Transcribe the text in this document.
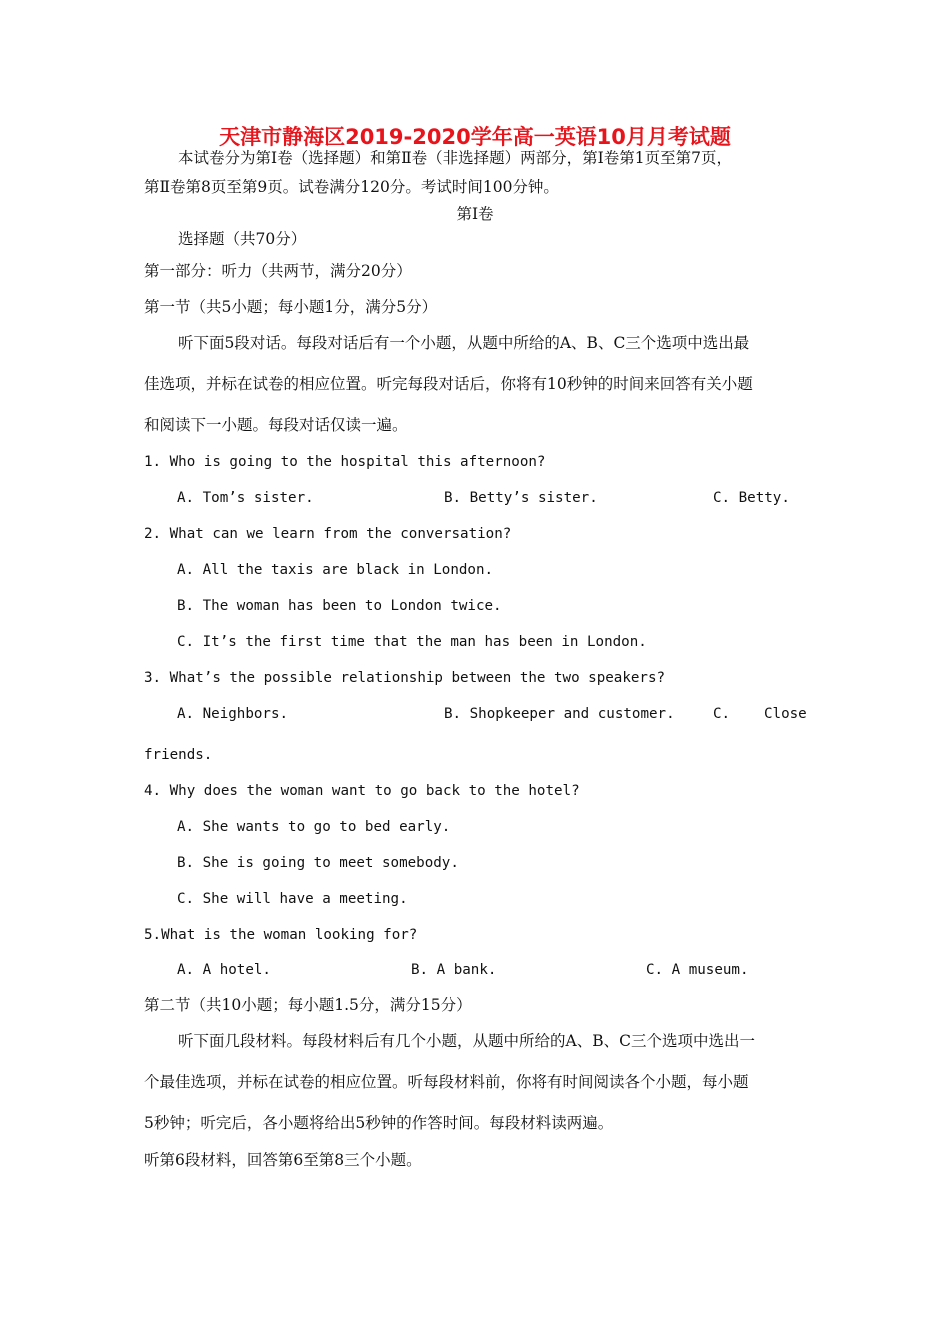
天津市静海区2019-2020学年高一英语10月月考试题
本试卷分为第Ⅰ卷（选择题）和第Ⅱ卷（非选择题）两部分，第Ⅰ卷第1页至第7页，
第Ⅱ卷第8页至第9页。试卷满分120分。考试时间100分钟。
第Ⅰ卷
选择题（共70分）
第一部分：听力（共两节，满分20分）
第一节（共5小题；每小题1分，满分5分）
听下面5段对话。每段对话后有一个小题，从题中所给的A、B、C三个选项中选出最
佳选项，并标在试卷的相应位置。听完每段对话后，你将有10秒钟的时间来回答有关小题
和阅读下一小题。每段对话仅读一遍。
1. Who is going to the hospital this afternoon?
A. Tom’s sister.	B. Betty’s sister.	C. Betty.
2. What can we learn from the conversation?
A. All the taxis are black in London.
B. The woman has been to London twice.
C. It’s the first time that the man has been in London.
3. What’s the possible relationship between the two speakers?
A. Neighbors.	B. Shopkeeper and customer.	C. Close
friends.
4. Why does the woman want to go back to the hotel?
A. She wants to go to bed early.
B. She is going to meet somebody.
C. She will have a meeting.
5.What is the woman looking for?
A. A hotel.	B. A bank.	C. A museum.
第二节（共10小题；每小题1.5分，满分15分）
听下面几段材料。每段材料后有几个小题，从题中所给的A、B、C三个选项中选出一
个最佳选项，并标在试卷的相应位置。听每段材料前，你将有时间阅读各个小题，每小题
5秒钟；听完后，各小题将给出5秒钟的作答时间。每段材料读两遍。
听第6段材料，回答第6至第8三个小题。
